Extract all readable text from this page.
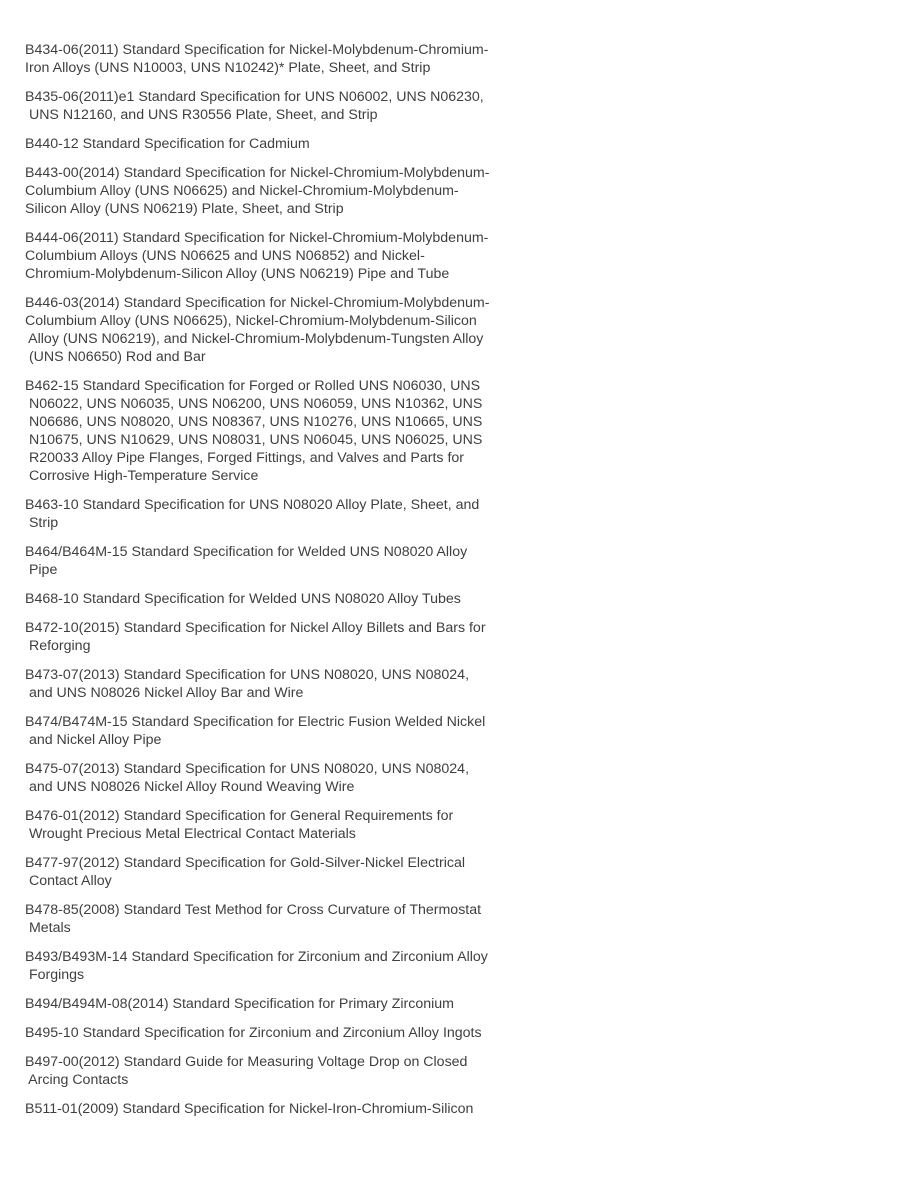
B434-06(2011) Standard Specification for Nickel-Molybdenum-Chromium-
Iron Alloys (UNS N10003, UNS N10242)* Plate, Sheet, and Strip
B435-06(2011)e1 Standard Specification for UNS N06002, UNS N06230,
UNS N12160, and UNS R30556 Plate, Sheet, and Strip
B440-12 Standard Specification for Cadmium
B443-00(2014) Standard Specification for Nickel-Chromium-Molybdenum-
Columbium Alloy (UNS N06625) and Nickel-Chromium-Molybdenum-
Silicon Alloy (UNS N06219) Plate, Sheet, and Strip
B444-06(2011) Standard Specification for Nickel-Chromium-Molybdenum-
Columbium Alloys (UNS N06625 and UNS N06852) and Nickel-
Chromium-Molybdenum-Silicon Alloy (UNS N06219) Pipe and Tube
B446-03(2014) Standard Specification for Nickel-Chromium-Molybdenum-
Columbium Alloy (UNS N06625), Nickel-Chromium-Molybdenum-Silicon
Alloy (UNS N06219), and Nickel-Chromium-Molybdenum-Tungsten Alloy
(UNS N06650) Rod and Bar
B462-15 Standard Specification for Forged or Rolled UNS N06030, UNS
N06022, UNS N06035, UNS N06200, UNS N06059, UNS N10362, UNS
N06686, UNS N08020, UNS N08367, UNS N10276, UNS N10665, UNS
N10675, UNS N10629, UNS N08031, UNS N06045, UNS N06025, UNS
R20033 Alloy Pipe Flanges, Forged Fittings, and Valves and Parts for
Corrosive High-Temperature Service
B463-10 Standard Specification for UNS N08020 Alloy Plate, Sheet, and
Strip
B464/B464M-15 Standard Specification for Welded UNS N08020 Alloy
Pipe
B468-10 Standard Specification for Welded UNS N08020 Alloy Tubes
B472-10(2015) Standard Specification for Nickel Alloy Billets and Bars for
Reforging
B473-07(2013) Standard Specification for UNS N08020, UNS N08024,
and UNS N08026 Nickel Alloy Bar and Wire
B474/B474M-15 Standard Specification for Electric Fusion Welded Nickel
and Nickel Alloy Pipe
B475-07(2013) Standard Specification for UNS N08020, UNS N08024,
and UNS N08026 Nickel Alloy Round Weaving Wire
B476-01(2012) Standard Specification for General Requirements for
Wrought Precious Metal Electrical Contact Materials
B477-97(2012) Standard Specification for Gold-Silver-Nickel Electrical
Contact Alloy
B478-85(2008) Standard Test Method for Cross Curvature of Thermostat
Metals
B493/B493M-14 Standard Specification for Zirconium and Zirconium Alloy
Forgings
B494/B494M-08(2014) Standard Specification for Primary Zirconium
B495-10 Standard Specification for Zirconium and Zirconium Alloy Ingots
B497-00(2012) Standard Guide for Measuring Voltage Drop on Closed
Arcing Contacts
B511-01(2009) Standard Specification for Nickel-Iron-Chromium-Silicon
